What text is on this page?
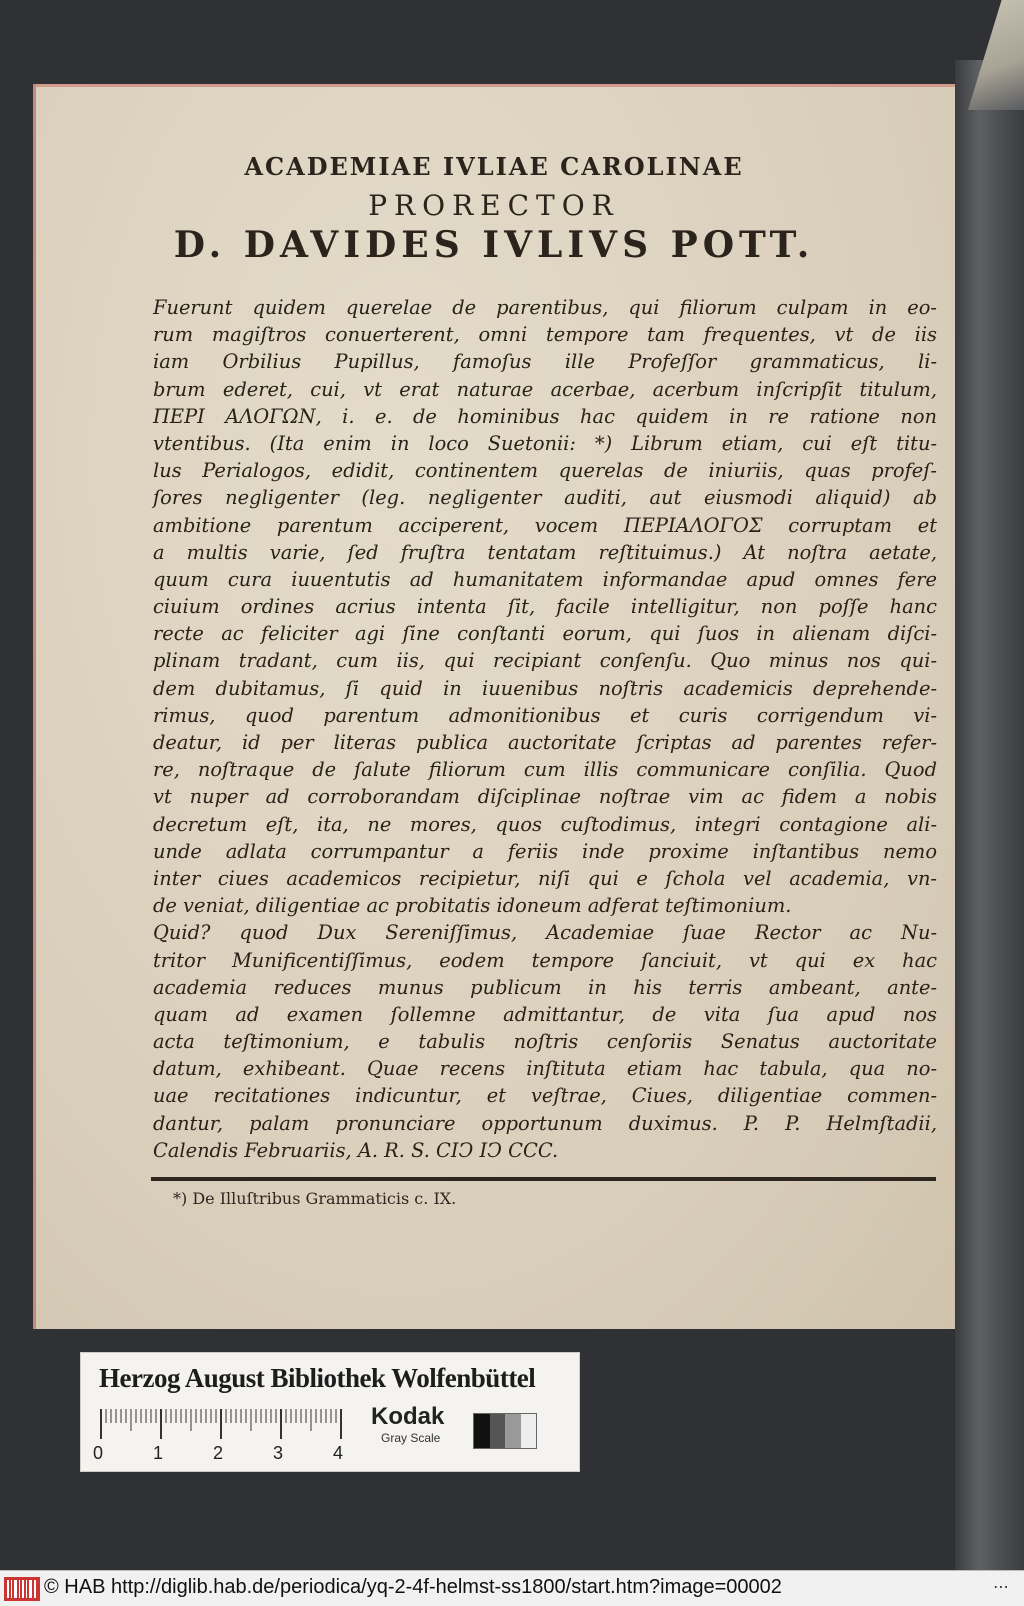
ACADEMIAE IVLIAE CAROLINAE
PRORECTOR
D. DAVIDES IVLIVS POTT.
Fuerunt quidem querelae de parentibus, qui filiorum culpam in eo-
rum magiſtros conuerterent, omni tempore tam frequentes, vt de iis
iam Orbilius Pupillus, famoſus ille Profeſſor grammaticus, li-
brum ederet, cui, vt erat naturae acerbae, acerbum inſcripſit titulum,
ΠΕΡΙ ΑΛΟΓΩΝ, i. e. de hominibus hac quidem in re ratione non
vtentibus. (Ita enim in loco Suetonii: *) Librum etiam, cui eſt titu-
lus Perialogos, edidit, continentem querelas de iniuriis, quas profeſ-
ſores negligenter (leg. negligenter auditi, aut eiusmodi aliquid) ab
ambitione parentum acciperent, vocem ΠΕΡΙΑΛΟΓΟΣ corruptam et
a multis varie, ſed fruſtra tentatam reſtituimus.) At noſtra aetate,
quum cura iuuentutis ad humanitatem informandae apud omnes fere
ciuium ordines acrius intenta ſit, facile intelligitur, non poſſe hanc
recte ac feliciter agi ſine conſtanti eorum, qui ſuos in alienam diſci-
plinam tradant, cum iis, qui recipiant conſenſu. Quo minus nos qui-
dem dubitamus, ſi quid in iuuenibus noſtris academicis deprehende-
rimus, quod parentum admonitionibus et curis corrigendum vi-
deatur, id per literas publica auctoritate ſcriptas ad parentes refer-
re, noſtraque de ſalute filiorum cum illis communicare conſilia. Quod
vt nuper ad corroborandam diſciplinae noſtrae vim ac fidem a nobis
decretum eſt, ita, ne mores, quos cuſtodimus, integri contagione ali-
unde adlata corrumpantur a feriis inde proxime inſtantibus nemo
inter ciues academicos recipietur, niſi qui e ſchola vel academia, vn-
de veniat, diligentiae ac probitatis idoneum adferat teſtimonium.
Quid? quod Dux Sereniſſimus, Academiae ſuae Rector ac Nu-
tritor Munificentiſſimus, eodem tempore ſanciuit, vt qui ex hac
academia reduces munus publicum in his terris ambeant, ante-
quam ad examen ſollemne admittantur, de vita ſua apud nos
acta teſtimonium, e tabulis noſtris cenſoriis Senatus auctoritate
datum, exhibeant. Quae recens inſtituta etiam hac tabula, qua no-
uae recitationes indicuntur, et veſtrae, Ciues, diligentiae commen-
dantur, palam pronunciare opportunum duximus. P. P. Helmſtadii,
Calendis Februariis, A. R. S. CIϽ IϽ CCC.
*) De Illuſtribus Grammaticis c. IX.
Herzog August Bibliothek Wolfenbüttel
0	1	2	3	4
Kodak
Gray Scale
© HAB http://diglib.hab.de/periodica/yq-2-4f-helmst-ss1800/start.htm?image=00002	⋯
